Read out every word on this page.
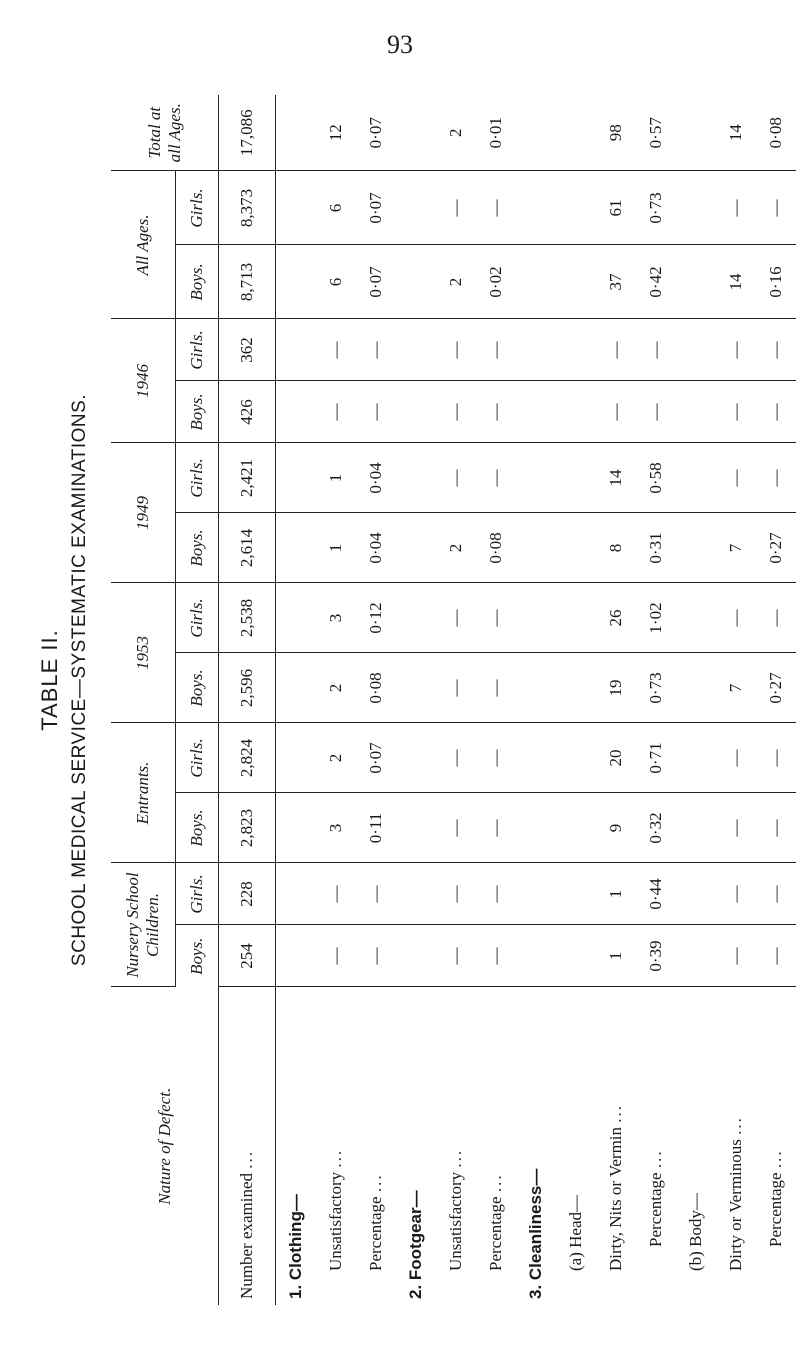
93
TABLE II. SCHOOL MEDICAL SERVICE—SYSTEMATIC EXAMINATIONS.
Nature of Defect.	Nursery School Children.		Entrants.		1953		1949		1946		All Ages.		Total at all Ages.
	Boys.	Girls.	Boys.	Girls.	Boys.	Girls.	Boys.	Girls.	Boys.	Girls.	Boys.	Girls.	
Number examined ...	254	228	2,823	2,824	2,596	2,538	2,614	2,421	426	362	8,713	8,373	17,086
1. Clothing—													
Unsatisfactory ...	—	—	3	2	2	3	1	1	—	—	6	6	12
Percentage ...	—	—	0·11	0·07	0·08	0·12	0·04	0·04	—	—	0·07	0·07	0·07
2. Footgear—													
Unsatisfactory ...	—	—	—	—	—	—	2	—	—	—	2	—	2
Percentage ...	—	—	—	—	—	—	0·08	—	—	—	0·02	—	0·01
3. Cleanliness—													
(a) Head—													
Dirty, Nits or Vermin ...	1	1	9	20	19	26	8	14	—	—	37	61	98
Percentage ...	0·39	0·44	0·32	0·71	0·73	1·02	0·31	0·58	—	—	0·42	0·73	0·57
(b) Body—													
Dirty or Verminous ...	—	—	—	—	7	—	7	—	—	—	14	—	14
Percentage ...	—	—	—	—	0·27	—	0·27	—	—	—	0·16	—	0·08
